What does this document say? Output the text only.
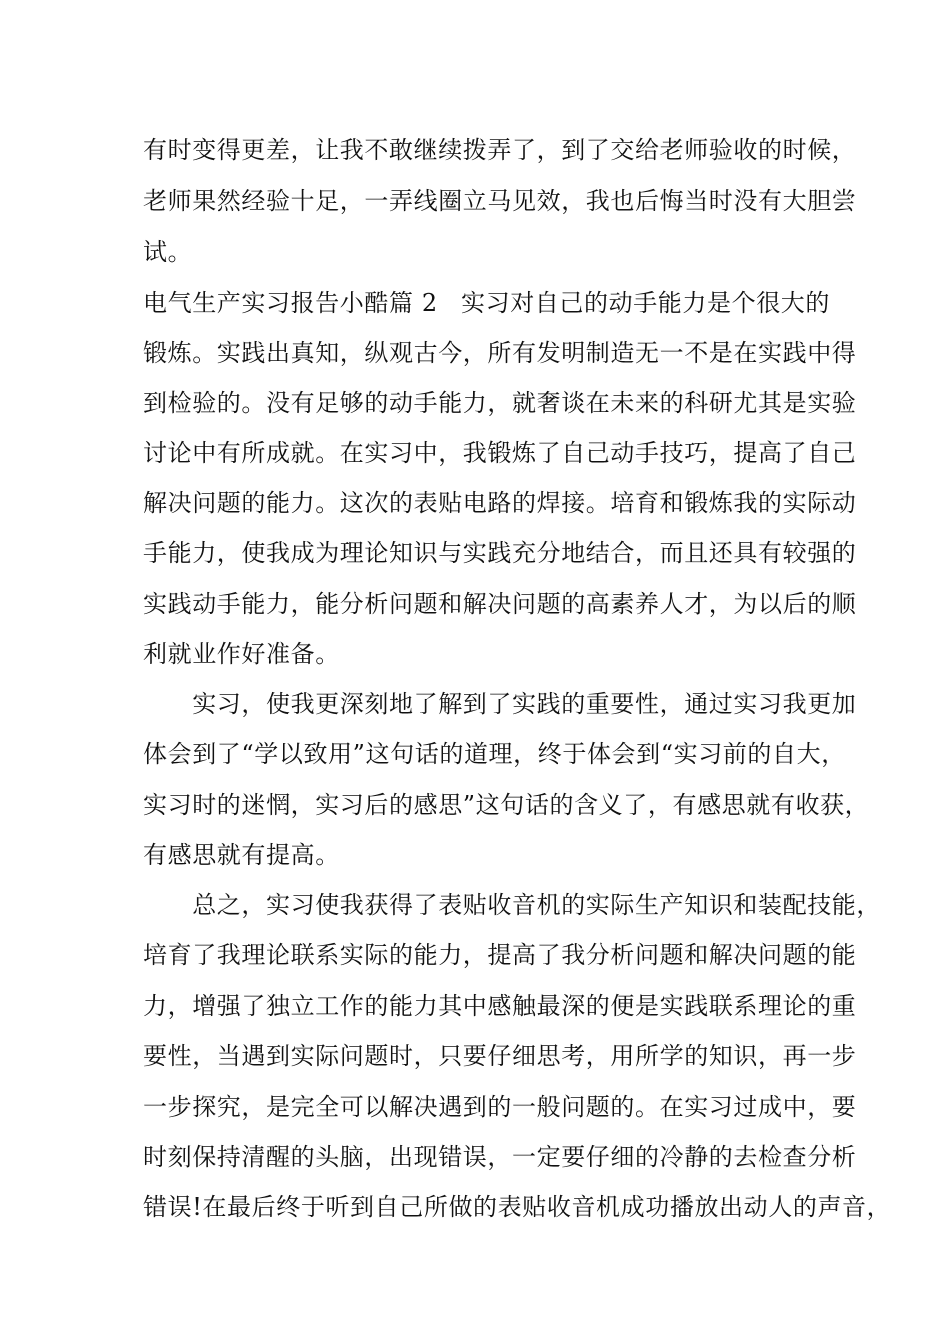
有时变得更差，让我不敢继续拨弄了，到了交给老师验收的时候，
老师果然经验十足，一弄线圈立马见效，我也后悔当时没有大胆尝
试。
电气生产实习报告小酷篇 2 实习对自己的动手能力是个很大的
锻炼。实践出真知，纵观古今，所有发明制造无一不是在实践中得
到检验的。没有足够的动手能力，就奢谈在未来的科研尤其是实验
讨论中有所成就。在实习中，我锻炼了自己动手技巧，提高了自己
解决问题的能力。这次的表贴电路的焊接。培育和锻炼我的实际动
手能力，使我成为理论知识与实践充分地结合，而且还具有较强的
实践动手能力，能分析问题和解决问题的高素养人才，为以后的顺
利就业作好准备。
　　实习，使我更深刻地了解到了实践的重要性，通过实习我更加
体会到了“学以致用”这句话的道理，终于体会到“实习前的自大，
实习时的迷惘，实习后的感思”这句话的含义了，有感思就有收获，
有感思就有提高。
　　总之，实习使我获得了表贴收音机的实际生产知识和装配技能，
培育了我理论联系实际的能力，提高了我分析问题和解决问题的能
力，增强了独立工作的能力其中感触最深的便是实践联系理论的重
要性，当遇到实际问题时，只要仔细思考，用所学的知识，再一步
一步探究，是完全可以解决遇到的一般问题的。在实习过成中，要
时刻保持清醒的头脑，出现错误，一定要仔细的冷静的去检查分析
错误!在最后终于听到自己所做的表贴收音机成功播放出动人的声音，
